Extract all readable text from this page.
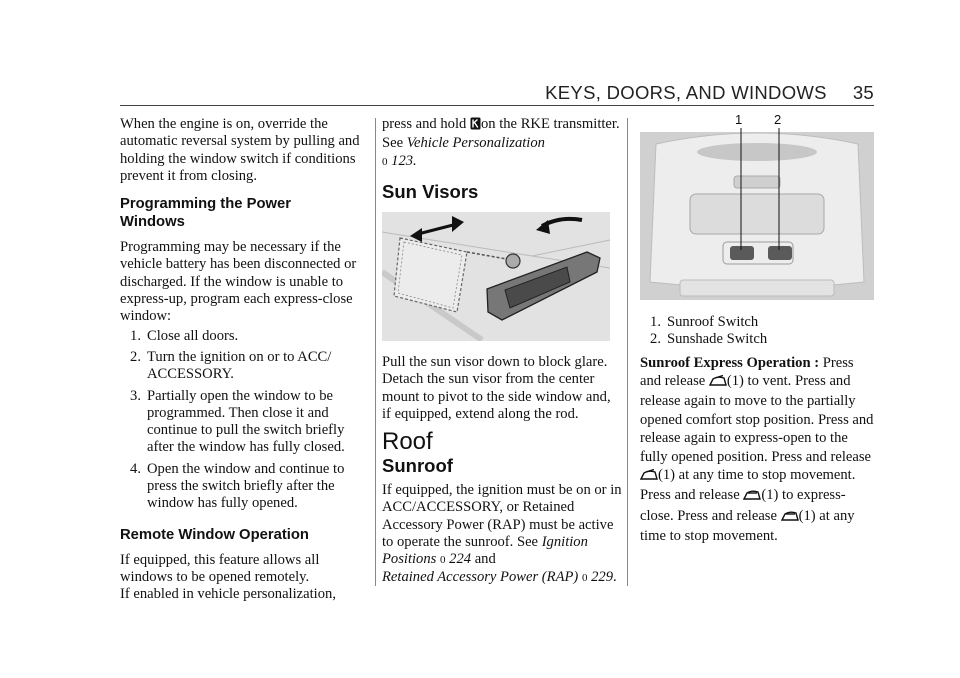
KEYS, DOORS, AND WINDOWS 35

When the engine is on, override the automatic reversal system by pulling and holding the window switch if conditions prevent it from closing.

Programming the Power
Windows

Programming may be necessary if the vehicle battery has been disconnected or discharged. If the window is unable to express-up, program each express-close window:

1. Close all doors.
2. Turn the ignition on or to ACC/ ACCESSORY.
3. Partially open the window to be programmed. Then close it and continue to pull the switch briefly after the window has fully closed.
4. Open the window and continue to press the switch briefly after the window has fully opened.
Remote Window Operation

If equipped, this feature allows all windows to be opened remotely.

If enabled in vehicle personalization,

press and hold on the RKE transmitter. See Vehicle Personalization
0 123.

Sun Visors

Pull the sun visor down to block glare. Detach the sun visor from the center mount to pivot to the side window and, if equipped, extend along the rod.

Roof
Sunroof

If equipped, the ignition must be on or in ACC/ACCESSORY, or Retained Accessory Power (RAP) must be active to operate the sunroof. See Ignition Positions 0 224 and
Retained Accessory Power (RAP) 0 229.

1 2
1. Sunroof Switch
2. Sunshade Switch

Sunroof Express Operation : Press and release (1) to vent. Press and release again to move to the partially opened comfort stop position. Press and release again to express-open to the fully opened position. Press and release (1) at any time to stop movement. Press and release (1) to express-close. Press and release (1) at any time to stop movement.
